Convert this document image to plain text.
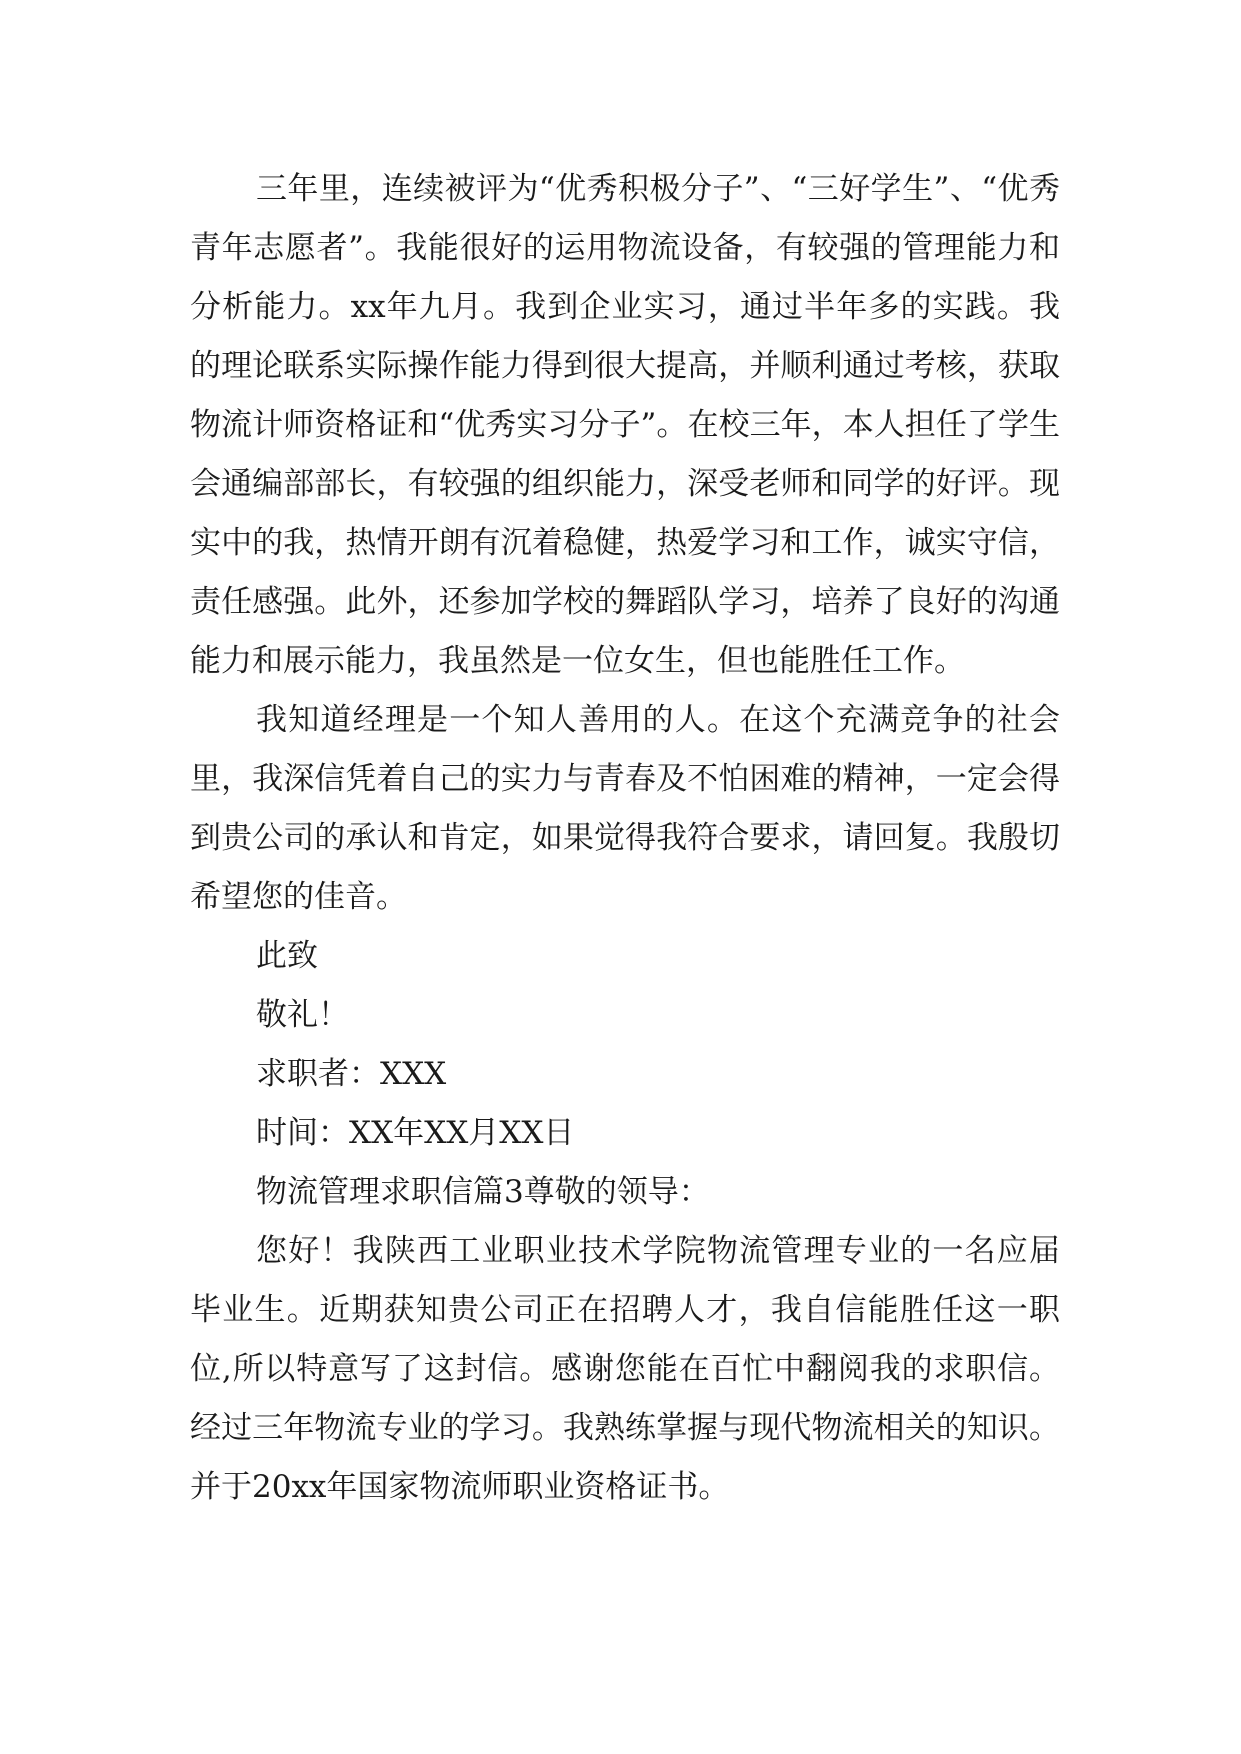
三年里，连续被评为“优秀积极分子”、“三好学生”、“优秀青年志愿者”。我能很好的运用物流设备，有较强的管理能力和分析能力。xx年九月。我到企业实习，通过半年多的实践。我的理论联系实际操作能力得到很大提高，并顺利通过考核，获取物流计师资格证和“优秀实习分子”。在校三年，本人担任了学生会通编部部长，有较强的组织能力，深受老师和同学的好评。现实中的我，热情开朗有沉着稳健，热爱学习和工作，诚实守信，责任感强。此外，还参加学校的舞蹈队学习，培养了良好的沟通能力和展示能力，我虽然是一位女生，但也能胜任工作。

我知道经理是一个知人善用的人。在这个充满竞争的社会里，我深信凭着自己的实力与青春及不怕困难的精神，一定会得到贵公司的承认和肯定，如果觉得我符合要求，请回复。我殷切希望您的佳音。

此致

敬礼！

求职者：XXX

时间：XX年XX月XX日

物流管理求职信篇3尊敬的领导：

您好！我陕西工业职业技术学院物流管理专业的一名应届毕业生。近期获知贵公司正在招聘人才，我自信能胜任这一职位,所以特意写了这封信。感谢您能在百忙中翻阅我的求职信。经过三年物流专业的学习。我熟练掌握与现代物流相关的知识。并于20xx年国家物流师职业资格证书。
